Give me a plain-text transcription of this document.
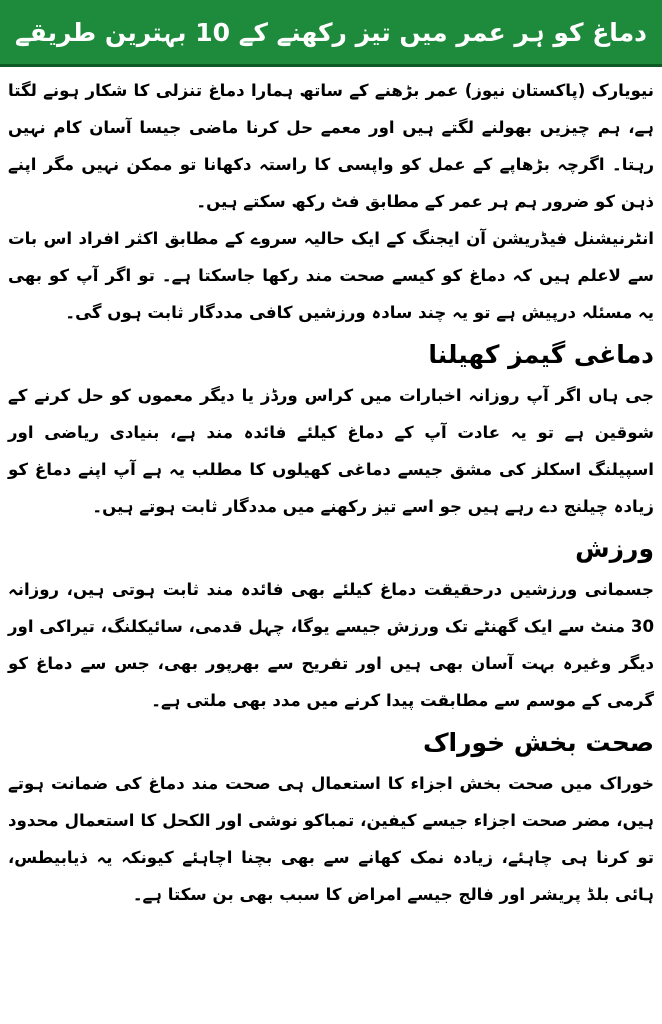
دماغ کو ہر عمر میں تیز رکھنے کے 10 بہترین طریقے

نیویارک (پاکستان نیوز) عمر بڑھنے کے ساتھ ہمارا دماغ تنزلی کا شکار ہونے لگتا ہے، ہم چیزیں بھولنے لگتے ہیں اور معمے حل کرنا ماضی جیسا آسان کام نہیں رہتا۔ اگرچہ بڑھاپے کے عمل کو واپسی کا راستہ دکھانا تو ممکن نہیں مگر اپنے ذہن کو ضرور ہم ہر عمر کے مطابق فٹ رکھ سکتے ہیں۔

انٹرنیشنل فیڈریشن آن ایجنگ کے ایک حالیہ سروے کے مطابق اکثر افراد اس بات سے لاعلم ہیں کہ دماغ کو کیسے صحت مند رکھا جاسکتا ہے۔ تو اگر آپ کو بھی یہ مسئلہ درپیش ہے تو یہ چند سادہ ورزشیں کافی مددگار ثابت ہوں گی۔

دماغی گیمز کھیلنا

جی ہاں اگر آپ روزانہ اخبارات میں کراس ورڈز یا دیگر معموں کو حل کرنے کے شوقین ہے تو یہ عادت آپ کے دماغ کیلئے فائدہ مند ہے، بنیادی ریاضی اور اسپیلنگ اسکلز کی مشق جیسے دماغی کھیلوں کا مطلب یہ ہے آپ اپنے دماغ کو زیادہ چیلنج دے رہے ہیں جو اسے تیز رکھنے میں مددگار ثابت ہوتے ہیں۔

ورزش

جسمانی ورزشیں درحقیقت دماغ کیلئے بھی فائدہ مند ثابت ہوتی ہیں، روزانہ 30 منٹ سے ایک گھنٹے تک ورزش جیسے یوگا، چہل قدمی، سائیکلنگ، تیراکی اور دیگر وغیرہ بہت آسان بھی ہیں اور تفریح سے بھرپور بھی، جس سے دماغ کو گرمی کے موسم سے مطابقت پیدا کرنے میں مدد بھی ملتی ہے۔

صحت بخش خوراک

خوراک میں صحت بخش اجزاء کا استعمال ہی صحت مند دماغ کی ضمانت ہوتے ہیں، مضر صحت اجزاء جیسے کیفین، تمباکو نوشی اور الکحل کا استعمال محدود تو کرنا ہی چاہئے، زیادہ نمک کھانے سے بھی بچنا اچاہئے کیونکہ یہ ذیابیطس، ہائی بلڈ پریشر اور فالج جیسے امراض کا سبب بھی بن سکتا ہے۔
